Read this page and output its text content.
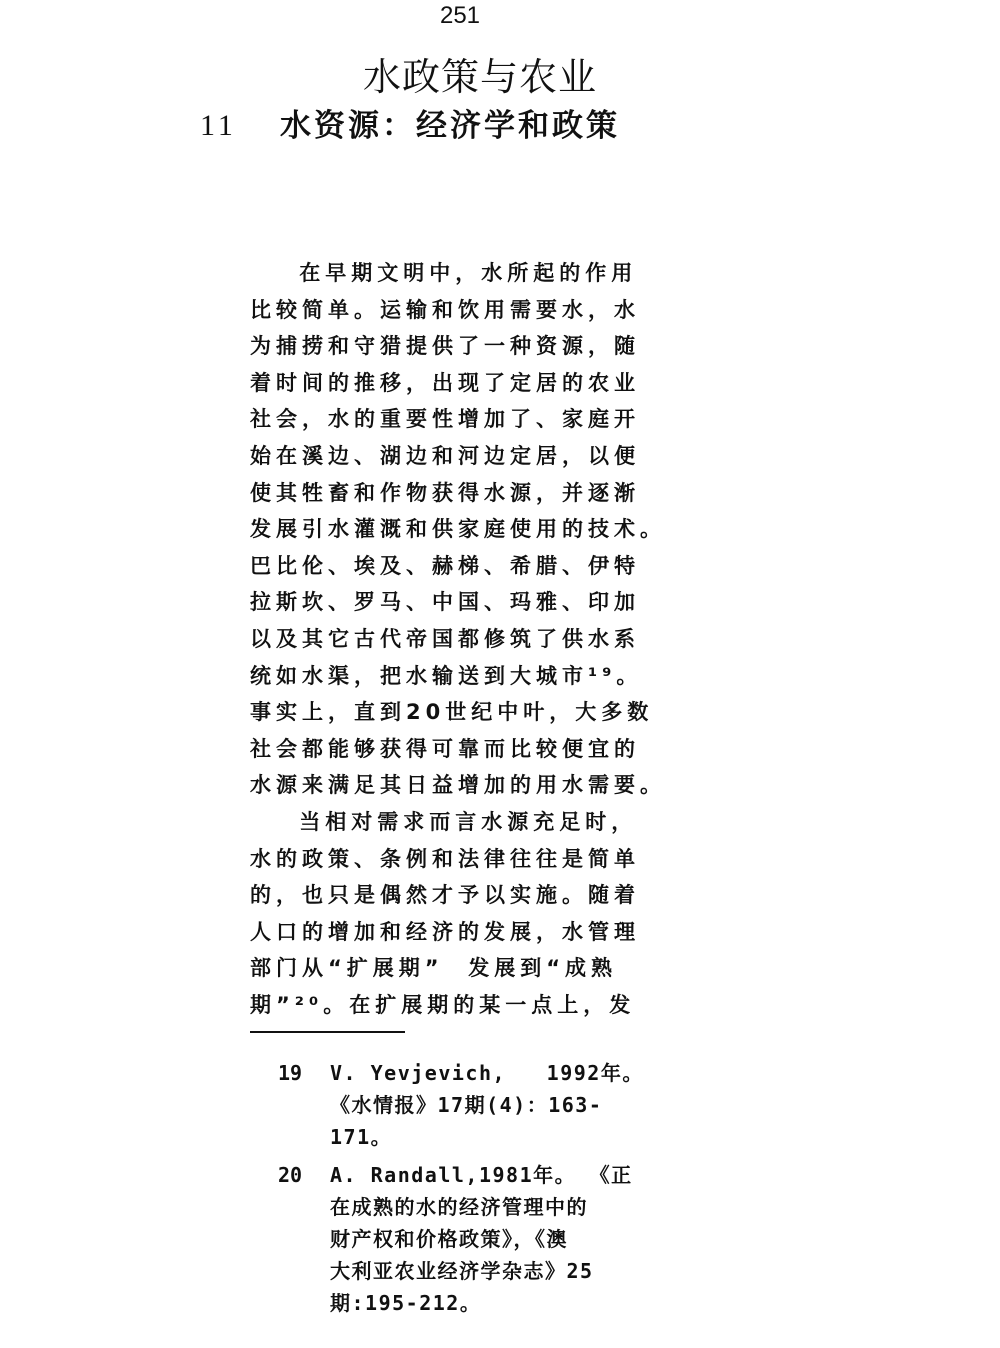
251
水政策与农业
11 水资源：经济学和政策
在早期文明中，水所起的作用
比较简单。运输和饮用需要水，水
为捕捞和守猎提供了一种资源，随
着时间的推移，出现了定居的农业
社会，水的重要性增加了、家庭开
始在溪边、湖边和河边定居，以便
使其牲畜和作物获得水源，并逐渐
发展引水灌溉和供家庭使用的技术。
巴比伦、埃及、赫梯、希腊、伊特
拉斯坎、罗马、中国、玛雅、印加
以及其它古代帝国都修筑了供水系
统如水渠，把水输送到大城市¹⁹。
事实上，直到20世纪中叶，大多数
社会都能够获得可靠而比较便宜的
水源来满足其日益增加的用水需要。
当相对需求而言水源充足时，
水的政策、条例和法律往往是简单
的，也只是偶然才予以实施。随着
人口的增加和经济的发展，水管理
部门从“扩展期”  发展到“成熟
期”²⁰。在扩展期的某一点上，发
19 V. Yevjevich,   1992年。
《水情报》17期(4)：163-
171。
20 A. Randall,1981年。 《正
在成熟的水的经济管理中的
财产权和价格政策》，《澳
大利亚农业经济学杂志》25
期:195-212。
